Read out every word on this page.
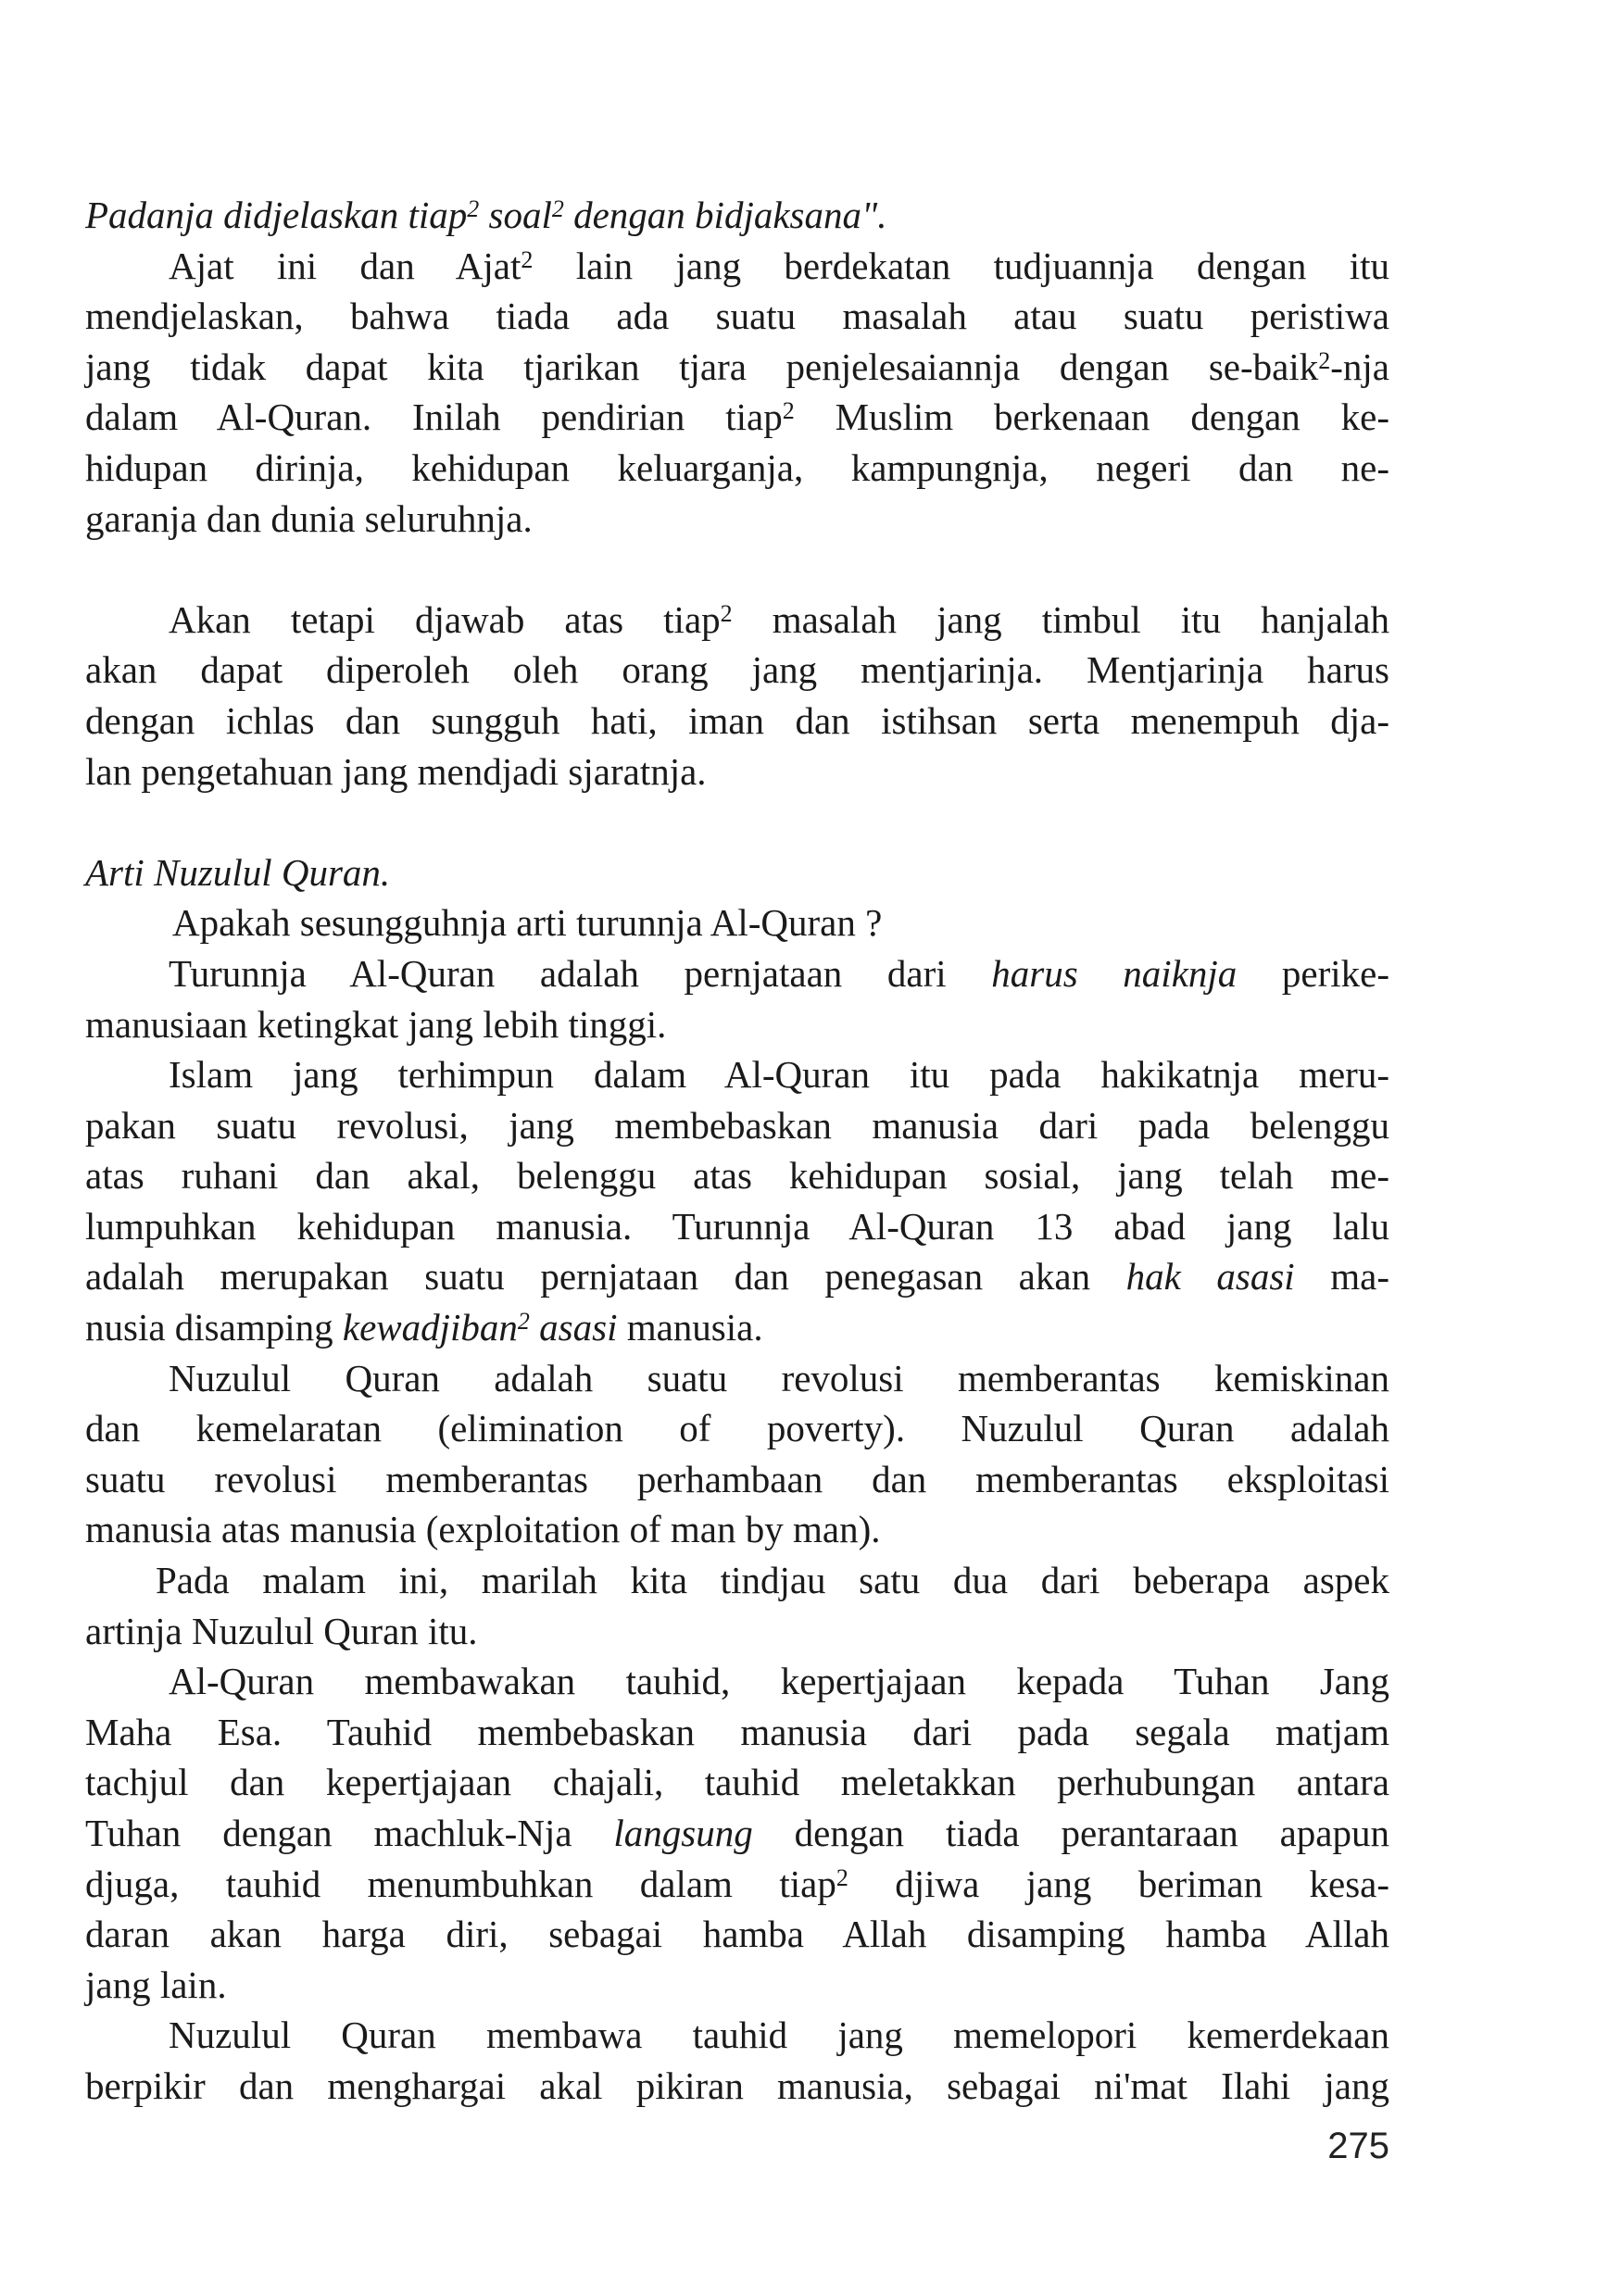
Padanja didjelaskan tiap$^2$ soal$^2$ dengan bidjaksana".
Ajat ini dan Ajat$^2$ lain jang berdekatan tudjuannja dengan itu
mendjelaskan, bahwa tiada ada suatu masalah atau suatu peristiwa
jang tidak dapat kita tjarikan tjara penjelesaiannja dengan se-baik$^2$-nja
dalam Al-Quran. Inilah pendirian tiap$^2$ Muslim berkenaan dengan ke-
hidupan dirinja, kehidupan keluarganja, kampungnja, negeri dan ne-
garanja dan dunia seluruhnja.
Akan tetapi djawab atas tiap$^2$ masalah jang timbul itu hanjalah
akan dapat diperoleh oleh orang jang mentjarinja. Mentjarinja harus
dengan ichlas dan sungguh hati, iman dan istihsan serta menempuh dja-
lan pengetahuan jang mendjadi sjaratnja.
Arti Nuzulul Quran.
Apakah sesungguhnja arti turunnja Al-Quran ?
Turunnja Al-Quran adalah pernjataan dari harus naiknja perike-
manusiaan ketingkat jang lebih tinggi.
Islam jang terhimpun dalam Al-Quran itu pada hakikatnja meru-
pakan suatu revolusi, jang membebaskan manusia dari pada belenggu
atas ruhani dan akal, belenggu atas kehidupan sosial, jang telah me-
lumpuhkan kehidupan manusia. Turunnja Al-Quran 13 abad jang lalu
adalah merupakan suatu pernjataan dan penegasan akan hak asasi ma-
nusia disamping kewadjiban$^2$ asasi manusia.
Nuzulul Quran adalah suatu revolusi memberantas kemiskinan
dan kemelaratan (elimination of poverty). Nuzulul Quran adalah
suatu revolusi memberantas perhambaan dan memberantas eksploitasi
manusia atas manusia (exploitation of man by man).
Pada malam ini, marilah kita tindjau satu dua dari beberapa aspek
artinja Nuzulul Quran itu.
Al-Quran membawakan tauhid, kepertjajaan kepada Tuhan Jang
Maha Esa. Tauhid membebaskan manusia dari pada segala matjam
tachjul dan kepertjajaan chajali, tauhid meletakkan perhubungan antara
Tuhan dengan machluk-Nja langsung dengan tiada perantaraan apapun
djuga, tauhid menumbuhkan dalam tiap$^2$ djiwa jang beriman kesa-
daran akan harga diri, sebagai hamba Allah disamping hamba Allah
jang lain.
Nuzulul Quran membawa tauhid jang memelopori kemerdekaan
berpikir dan menghargai akal pikiran manusia, sebagai ni'mat Ilahi jang
275
